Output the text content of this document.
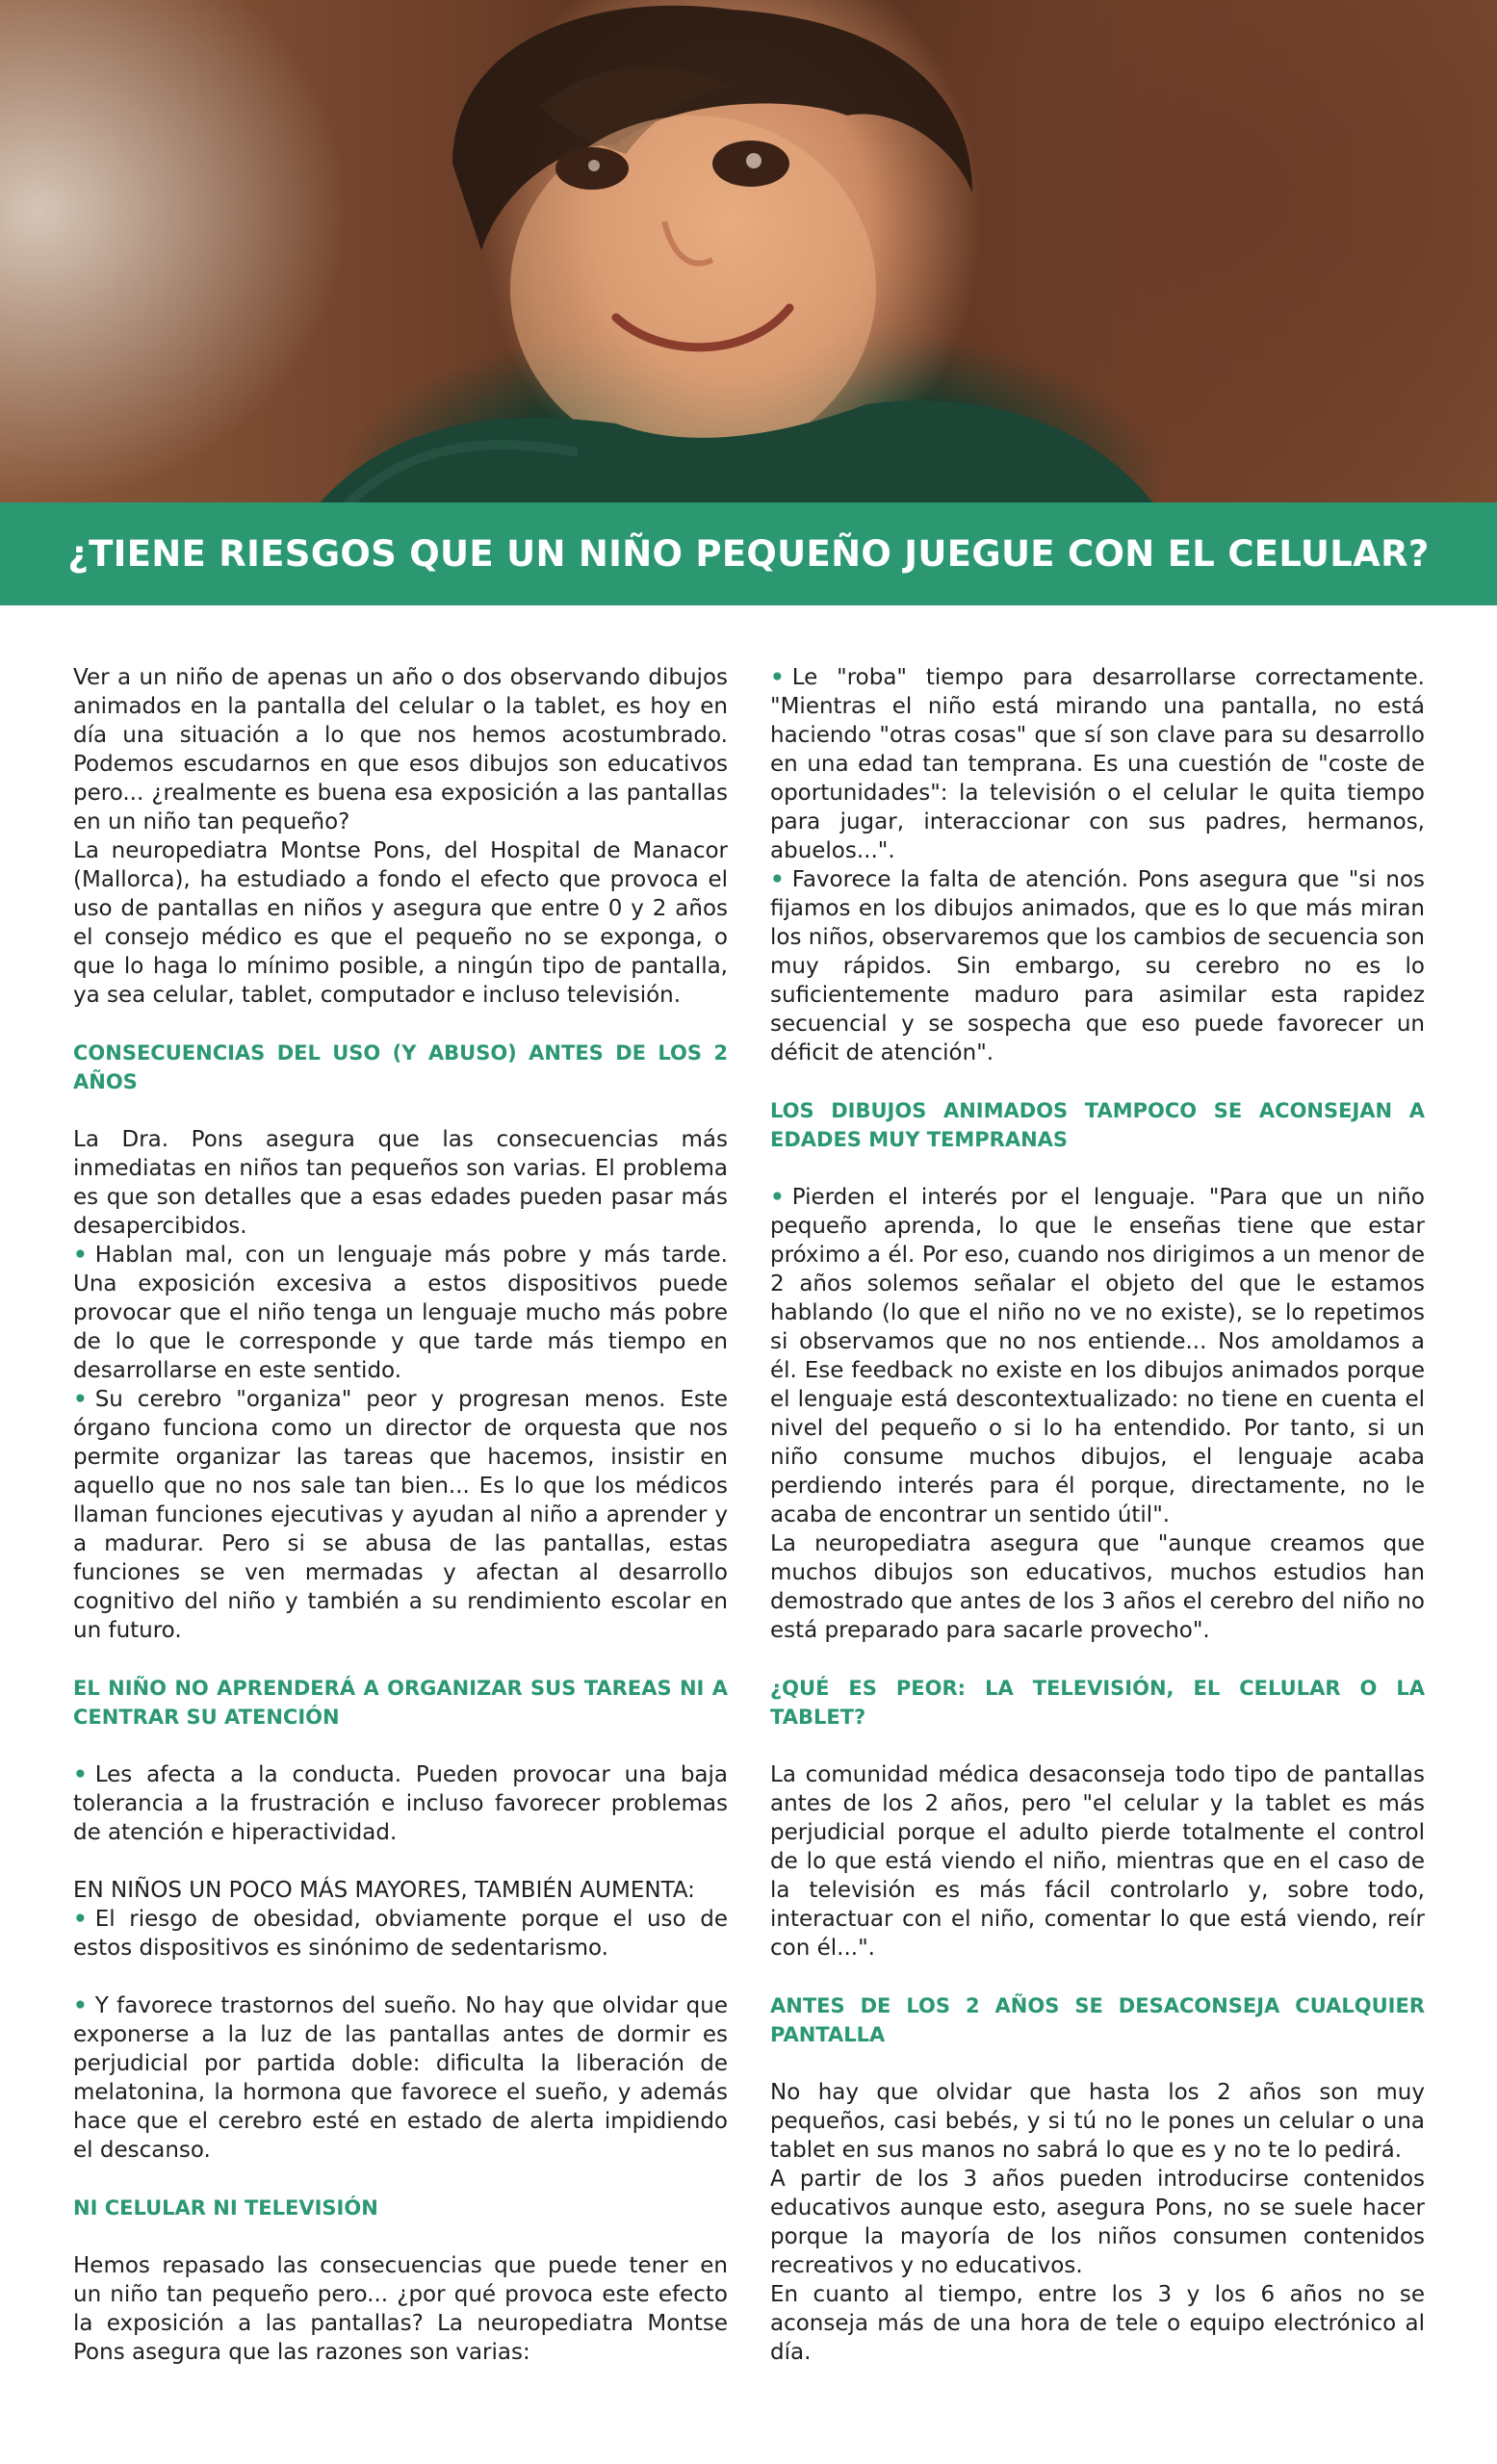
¿TIENE RIESGOS QUE UN NIÑO PEQUEÑO JUEGUE CON EL CELULAR?

Ver a un niño de apenas un año o dos observando dibujos animados en la pantalla del celular o la tablet, es hoy en día una situación a lo que nos hemos acostumbrado. Podemos escudarnos en que esos dibujos son educativos pero... ¿realmente es buena esa exposición a las pantallas en un niño tan pequeño?

La neuropediatra Montse Pons, del Hospital de Manacor (Mallorca), ha estudiado a fondo el efecto que provoca el uso de pantallas en niños y asegura que entre 0 y 2 años el consejo médico es que el pequeño no se exponga, o que lo haga lo mínimo posible, a ningún tipo de pantalla, ya sea celular, tablet, computador e incluso televisión.

CONSECUENCIAS DEL USO (Y ABUSO) ANTES DE LOS 2 AÑOS

La Dra. Pons asegura que las consecuencias más inmediatas en niños tan pequeños son varias. El problema es que son detalles que a esas edades pueden pasar más desapercibidos.

• Hablan mal, con un lenguaje más pobre y más tarde. Una exposición excesiva a estos dispositivos puede provocar que el niño tenga un lenguaje mucho más pobre de lo que le corresponde y que tarde más tiempo en desarrollarse en este sentido.

• Su cerebro "organiza" peor y progresan menos. Este órgano funciona como un director de orquesta que nos permite organizar las tareas que hacemos, insistir en aquello que no nos sale tan bien... Es lo que los médicos llaman funciones ejecutivas y ayudan al niño a aprender y a madurar. Pero si se abusa de las pantallas, estas funciones se ven mermadas y afectan al desarrollo cognitivo del niño y también a su rendimiento escolar en un futuro.

EL NIÑO NO APRENDERÁ A ORGANIZAR SUS TAREAS NI A CENTRAR SU ATENCIÓN

• Les afecta a la conducta. Pueden provocar una baja tolerancia a la frustración e incluso favorecer problemas de atención e hiperactividad.

EN NIÑOS UN POCO MÁS MAYORES, TAMBIÉN AUMENTA:

• El riesgo de obesidad, obviamente porque el uso de estos dispositivos es sinónimo de sedentarismo.

• Y favorece trastornos del sueño. No hay que olvidar que exponerse a la luz de las pantallas antes de dormir es perjudicial por partida doble: dificulta la liberación de melatonina, la hormona que favorece el sueño, y además hace que el cerebro esté en estado de alerta impidiendo el descanso.

NI CELULAR NI TELEVISIÓN

Hemos repasado las consecuencias que puede tener en un niño tan pequeño pero... ¿por qué provoca este efecto la exposición a las pantallas? La neuropediatra Montse Pons asegura que las razones son varias:

• Le "roba" tiempo para desarrollarse correctamente. "Mientras el niño está mirando una pantalla, no está haciendo "otras cosas" que sí son clave para su desarrollo en una edad tan temprana. Es una cuestión de "coste de oportunidades": la televisión o el celular le quita tiempo para jugar, interaccionar con sus padres, hermanos, abuelos...".

• Favorece la falta de atención. Pons asegura que "si nos fijamos en los dibujos animados, que es lo que más miran los niños, observaremos que los cambios de secuencia son muy rápidos. Sin embargo, su cerebro no es lo suficientemente maduro para asimilar esta rapidez secuencial y se sospecha que eso puede favorecer un déficit de atención".

LOS DIBUJOS ANIMADOS TAMPOCO SE ACONSEJAN A EDADES MUY TEMPRANAS

• Pierden el interés por el lenguaje. "Para que un niño pequeño aprenda, lo que le enseñas tiene que estar próximo a él. Por eso, cuando nos dirigimos a un menor de 2 años solemos señalar el objeto del que le estamos hablando (lo que el niño no ve no existe), se lo repetimos si observamos que no nos entiende... Nos amoldamos a él. Ese feedback no existe en los dibujos animados porque el lenguaje está descontextualizado: no tiene en cuenta el nivel del pequeño o si lo ha entendido. Por tanto, si un niño consume muchos dibujos, el lenguaje acaba perdiendo interés para él porque, directamente, no le acaba de encontrar un sentido útil".

La neuropediatra asegura que "aunque creamos que muchos dibujos son educativos, muchos estudios han demostrado que antes de los 3 años el cerebro del niño no está preparado para sacarle provecho".

¿QUÉ ES PEOR: LA TELEVISIÓN, EL CELULAR O LA TABLET?

La comunidad médica desaconseja todo tipo de pantallas antes de los 2 años, pero "el celular y la tablet es más perjudicial porque el adulto pierde totalmente el control de lo que está viendo el niño, mientras que en el caso de la televisión es más fácil controlarlo y, sobre todo, interactuar con el niño, comentar lo que está viendo, reír con él...".

ANTES DE LOS 2 AÑOS SE DESACONSEJA CUALQUIER PANTALLA

No hay que olvidar que hasta los 2 años son muy pequeños, casi bebés, y si tú no le pones un celular o una tablet en sus manos no sabrá lo que es y no te lo pedirá.

A partir de los 3 años pueden introducirse contenidos educativos aunque esto, asegura Pons, no se suele hacer porque la mayoría de los niños consumen contenidos recreativos y no educativos.

En cuanto al tiempo, entre los 3 y los 6 años no se aconseja más de una hora de tele o equipo electrónico al día.
